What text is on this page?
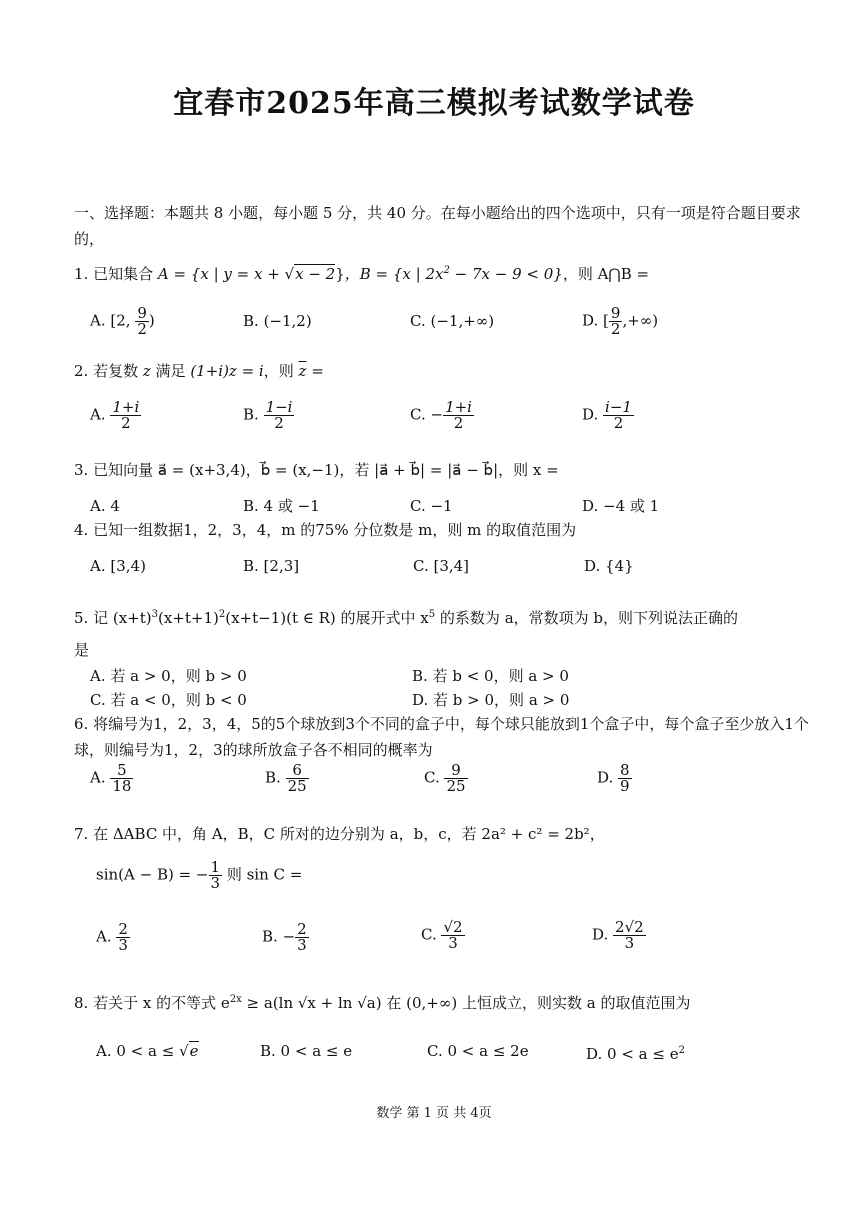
宜春市2025年高三模拟考试数学试卷
一、选择题：本题共 8 小题，每小题 5 分，共 40 分。在每小题给出的四个选项中，只有一项是符合题目要求的，
1. 已知集合 A = {x | y = x + √x − 2}，B = {x | $2x^2 - 7x - 9 < 0$}，则 A⋂B =
A. [2, $\frac{9}{2}$ )	B. (−1,2)	C. (−1,+∞)	D. [ $\frac{9}{2}$ ,+∞)
2. 若复数 z 满足 (1+i)z = i，则 $\overline{z}$ =
A. $\frac{1+i}{2}$	B. $\frac{1-i}{2}$	C. − $\frac{1+i}{2}$	D. $\frac{i-1}{2}$
3. 已知向量 a⃗ = (x+3,4)，b⃗ = (x,−1)，若 |a⃗ + b⃗| = |a⃗ − b⃗|，则 x =
A. 4	B. 4 或 −1	C. −1	D. −4 或 1
4. 已知一组数据1，2，3，4，m 的75% 分位数是 m，则 m 的取值范围为
A. [3,4)	B. [2,3]	C. [3,4]	D. {4}
5. 记 $(x+t)^3(x+t+1)^2(x+t-1)(t$ ∈ R) 的展开式中 $x^5$ 的系数为 a，常数项为 b，则下列说法正确的
是
A. 若 a > 0，则 b > 0	B. 若 b < 0，则 a > 0
C. 若 a < 0，则 b < 0	D. 若 b > 0，则 a > 0
6. 将编号为1，2，3，4，5的5个球放到3个不同的盒子中，每个球只能放到1个盒子中，每个盒子至少放入1个球，则编号为1，2，3的球所放盒子各不相同的概率为
A. $\frac{5}{18}$	B. $\frac{6}{25}$	C. $\frac{9}{25}$	D. $\frac{8}{9}$
7. 在 ΔABC 中，角 A，B，C 所对的边分别为 a，b，c，若 2a² + c² = 2b²，
sin(A − B) = − $\frac{1}{3}$ 则 sin C =
A. $\frac{2}{3}$	B. − $\frac{2}{3}$	C. $\frac{√2}{3}$	D. $\frac{2√2}{3}$
8. 若关于 x 的不等式 $e^{2x} \ge a(\ln$ √x + ln √a) 在 (0,+∞) 上恒成立，则实数 a 的取值范围为
A. 0 < a ≤ √e	B. 0 < a ≤ e	C. 0 < a ≤ 2e	D. $0 < a \le e^2$
数学 第 1 页 共 4页
